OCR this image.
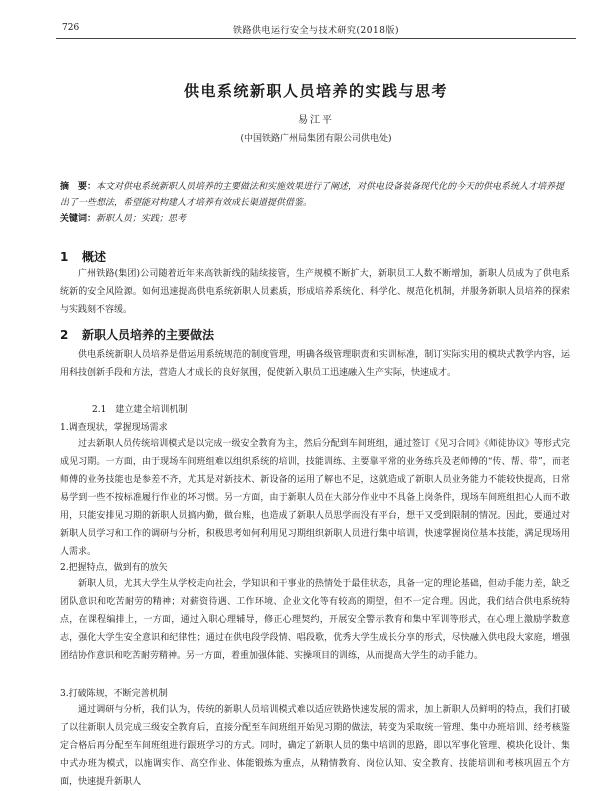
726	铁路供电运行安全与技术研究(2018版)
供电系统新职人员培养的实践与思考
易江平
(中国铁路广州局集团有限公司供电处)
摘　要：本文对供电系统新职人员培养的主要做法和实施效果进行了阐述，对供电设备装备现代化的今天的供电系统人才培养提出了一些想法，希望能对构建人才培养有效成长渠道提供借鉴。
关键词：新职人员；实践；思考
1 概述

广州铁路(集团)公司随着近年来高铁新线的陆续接管，生产规模不断扩大，新职员工人数不断增加，新职人员成为了供电系统新的安全风险源。如何迅速提高供电系统新职人员素质，形成培养系统化、科学化、规范化机制，并服务新职人员培养的探索与实践刻不容缓。

2 新职人员培养的主要做法

供电系统新职人员培养是借运用系统规范的制度管理，明确各级管理职责和实训标准，制订实际实用的模块式教学内容，运用科技创新手段和方法，营造人才成长的良好氛围，促使新入职员工迅速融入生产实际，快速成才。

2.1　建立建全培训机制
1.调查现状，掌握现场需求

过去新职人员传统培训模式是以完成一级安全教育为主，然后分配到车间班组，通过签订《见习合同》《师徒协议》等形式完成见习期。一方面，由于现场车间班组难以组织系统的培训，技能训练、主要靠平常的业务练兵及老师傅的“传、帮、带”，而老师傅的业务技能也是参差不齐，尤其是对新技术、新设备的运用了解也不足，这就造成了新职人员业务能力不能较快提高，日常易学到一些不按标准履行作业的坏习惯。另一方面，由于新职人员在大部分作业中不具备上岗条件，现场车间班组担心人而不敢用，只能安排见习期的新职人员搞内勤，做台账，也造成了新职人员思学而没有平台，想干又受到限制的情况。因此，要通过对新职人员学习和工作的调研与分析，积极思考如何利用见习期组织新职人员进行集中培训，快速掌握岗位基本技能，满足现场用人需求。

2.把握特点，做到有的放矢

新职人员，尤其大学生从学校走向社会，学知识和干事业的热情处于最佳状态，具备一定的理论基础，但动手能力差，缺乏团队意识和吃苦耐劳的精神；对薪资待遇、工作环境、企业文化等有较高的期望，但不一定合理。因此，我们结合供电系统特点，在课程编排上，一方面，通过入职心理辅导，修正心理契约，开展安全警示教育和集中军训等形式，在心理上激励学数意志，强化大学生安全意识和纪律性；通过在供电段学段情、唱段歌，优秀大学生成长分享的形式，尽快融入供电段大家庭，增强团结协作意识和吃苦耐劳精神。另一方面，着重加强体能、实操项目的训练，从而提高大学生的动手能力。

3.打破陈规，不断完善机制

通过调研与分析，我们认为，传统的新职人员培训模式难以适应铁路快速发展的需求，加上新职人员鲜明的特点，我们打破了以往新职人员完成三级安全教育后，直接分配至车间班组开始见习期的做法，转变为采取统一管理、集中办班培训、经考核鉴定合格后再分配至车间班组进行跟班学习的方式。同时，确定了新职人员的集中培训的思路，即以军事化管理、模块化设计、集中式办班为模式，以施调实作、高空作业、体能锻炼为重点，从精情教育、岗位认知、安全教育、技能培训和考核巩固五个方面，快速提升新职人
